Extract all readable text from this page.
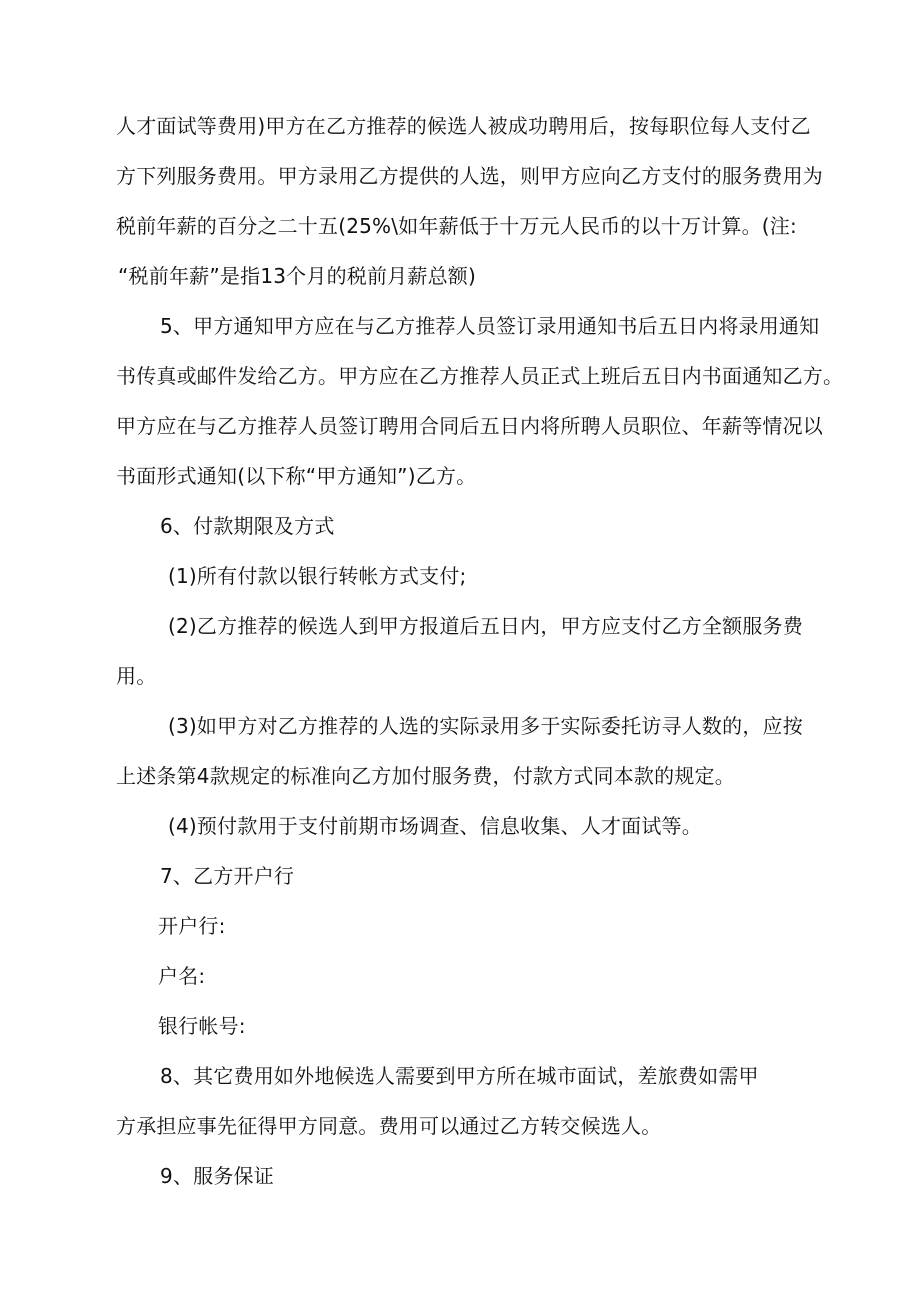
人才面试等费用)甲方在乙方推荐的候选人被成功聘用后，按每职位每人支付乙
方下列服务费用。甲方录用乙方提供的人选，则甲方应向乙方支付的服务费用为
税前年薪的百分之二十五(25%\如年薪低于十万元人民币的以十万计算。(注:
“税前年薪”是指13个月的税前月薪总额)
5、甲方通知甲方应在与乙方推荐人员签订录用通知书后五日内将录用通知
书传真或邮件发给乙方。甲方应在乙方推荐人员正式上班后五日内书面通知乙方。
甲方应在与乙方推荐人员签订聘用合同后五日内将所聘人员职位、年薪等情况以
书面形式通知(以下称“甲方通知”)乙方。
6、付款期限及方式
(1)所有付款以银行转帐方式支付;
(2)乙方推荐的候选人到甲方报道后五日内，甲方应支付乙方全额服务费
用。
(3)如甲方对乙方推荐的人选的实际录用多于实际委托访寻人数的，应按
上述条第4款规定的标准向乙方加付服务费，付款方式同本款的规定。
(4)预付款用于支付前期市场调查、信息收集、人才面试等。
7、乙方开户行
开户行:
户名:
银行帐号:
8、其它费用如外地候选人需要到甲方所在城市面试，差旅费如需甲
方承担应事先征得甲方同意。费用可以通过乙方转交候选人。
9、服务保证
